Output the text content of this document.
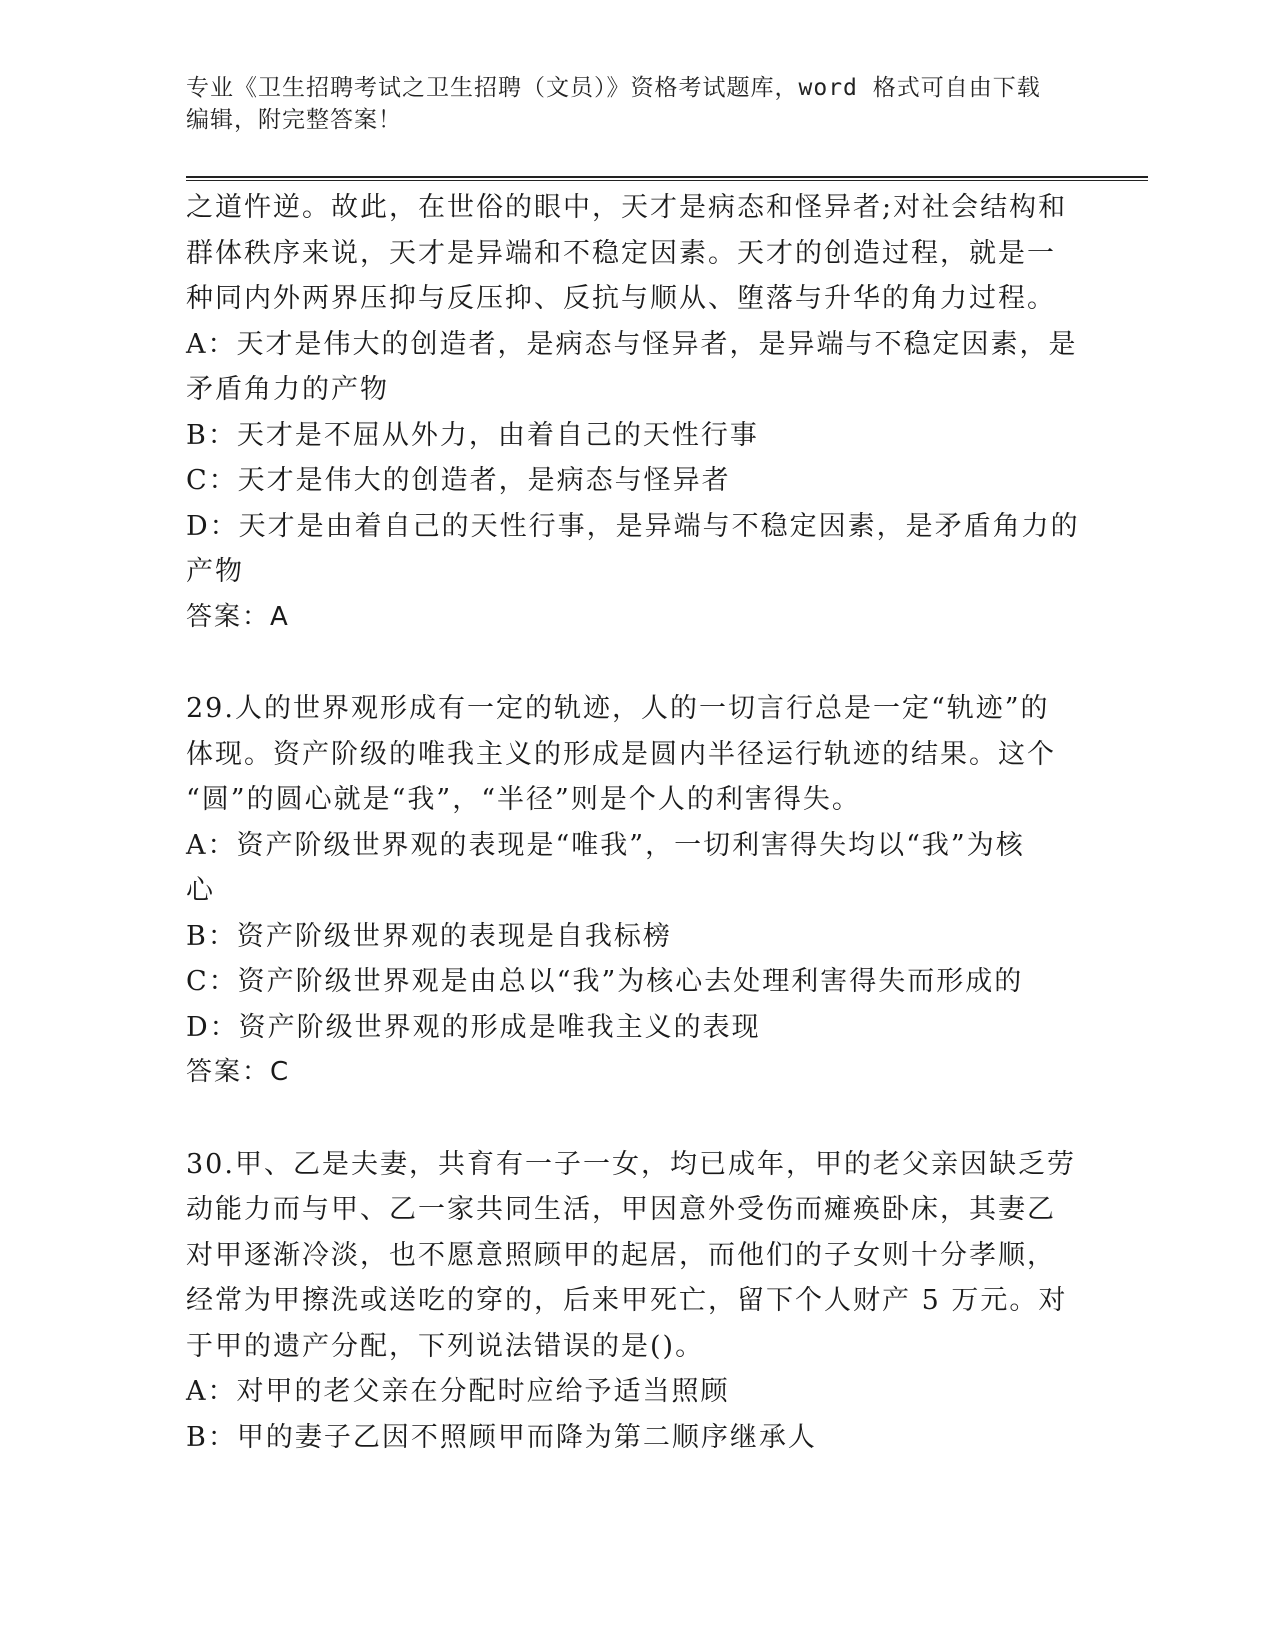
专业《卫生招聘考试之卫生招聘（文员）》资格考试题库，word 格式可自由下载
编辑，附完整答案！
之道忤逆。故此，在世俗的眼中，天才是病态和怪异者;对社会结构和
群体秩序来说，天才是异端和不稳定因素。天才的创造过程，就是一
种同内外两界压抑与反压抑、反抗与顺从、堕落与升华的角力过程。
A：天才是伟大的创造者，是病态与怪异者，是异端与不稳定因素，是
矛盾角力的产物
B：天才是不屈从外力，由着自己的天性行事
C：天才是伟大的创造者，是病态与怪异者
D：天才是由着自己的天性行事，是异端与不稳定因素，是矛盾角力的
产物
答案：A
29.人的世界观形成有一定的轨迹，人的一切言行总是一定“轨迹”的
体现。资产阶级的唯我主义的形成是圆内半径运行轨迹的结果。这个
“圆”的圆心就是“我”，“半径”则是个人的利害得失。
A：资产阶级世界观的表现是“唯我”，一切利害得失均以“我”为核
心
B：资产阶级世界观的表现是自我标榜
C：资产阶级世界观是由总以“我”为核心去处理利害得失而形成的
D：资产阶级世界观的形成是唯我主义的表现
答案：C
30.甲、乙是夫妻，共育有一子一女，均已成年，甲的老父亲因缺乏劳
动能力而与甲、乙一家共同生活，甲因意外受伤而瘫痪卧床，其妻乙
对甲逐渐冷淡，也不愿意照顾甲的起居，而他们的子女则十分孝顺，
经常为甲擦洗或送吃的穿的，后来甲死亡，留下个人财产 5 万元。对
于甲的遗产分配，下列说法错误的是()。
A：对甲的老父亲在分配时应给予适当照顾
B：甲的妻子乙因不照顾甲而降为第二顺序继承人
